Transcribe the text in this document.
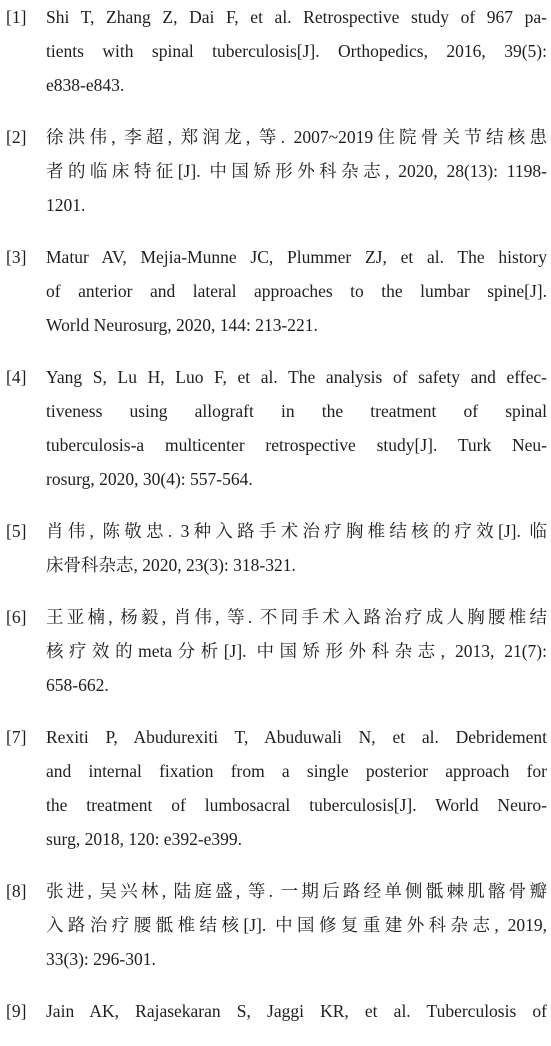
[1] Shi T, Zhang Z, Dai F, et al. Retrospective study of 967 pa-
tients with spinal tuberculosis[J]. Orthopedics, 2016, 39(5):
e838-e843.
[2] 徐洪伟, 李超, 郑润龙, 等. 2007~2019住院骨关节结核患
者的临床特征[J]. 中国矫形外科杂志, 2020, 28(13): 1198-
1201.
[3] Matur AV, Mejia-Munne JC, Plummer ZJ, et al. The history
of anterior and lateral approaches to the lumbar spine[J].
World Neurosurg, 2020, 144: 213-221.
[4] Yang S, Lu H, Luo F, et al. The analysis of safety and effec-
tiveness using allograft in the treatment of spinal
tuberculosis-a multicenter retrospective study[J]. Turk Neu-
rosurg, 2020, 30(4): 557-564.
[5] 肖伟, 陈敬忠. 3种入路手术治疗胸椎结核的疗效[J]. 临
床骨科杂志, 2020, 23(3): 318-321.
[6] 王亚楠, 杨毅, 肖伟, 等. 不同手术入路治疗成人胸腰椎结
核疗效的meta分析[J]. 中国矫形外科杂志, 2013, 21(7):
658-662.
[7] Rexiti P, Abudurexiti T, Abuduwali N, et al. Debridement
and internal fixation from a single posterior approach for
the treatment of lumbosacral tuberculosis[J]. World Neuro-
surg, 2018, 120: e392-e399.
[8] 张进, 吴兴林, 陆庭盛, 等. 一期后路经单侧骶棘肌髂骨瓣
入路治疗腰骶椎结核[J]. 中国修复重建外科杂志, 2019,
33(3): 296-301.
[9] Jain AK, Rajasekaran S, Jaggi KR, et al. Tuberculosis of
